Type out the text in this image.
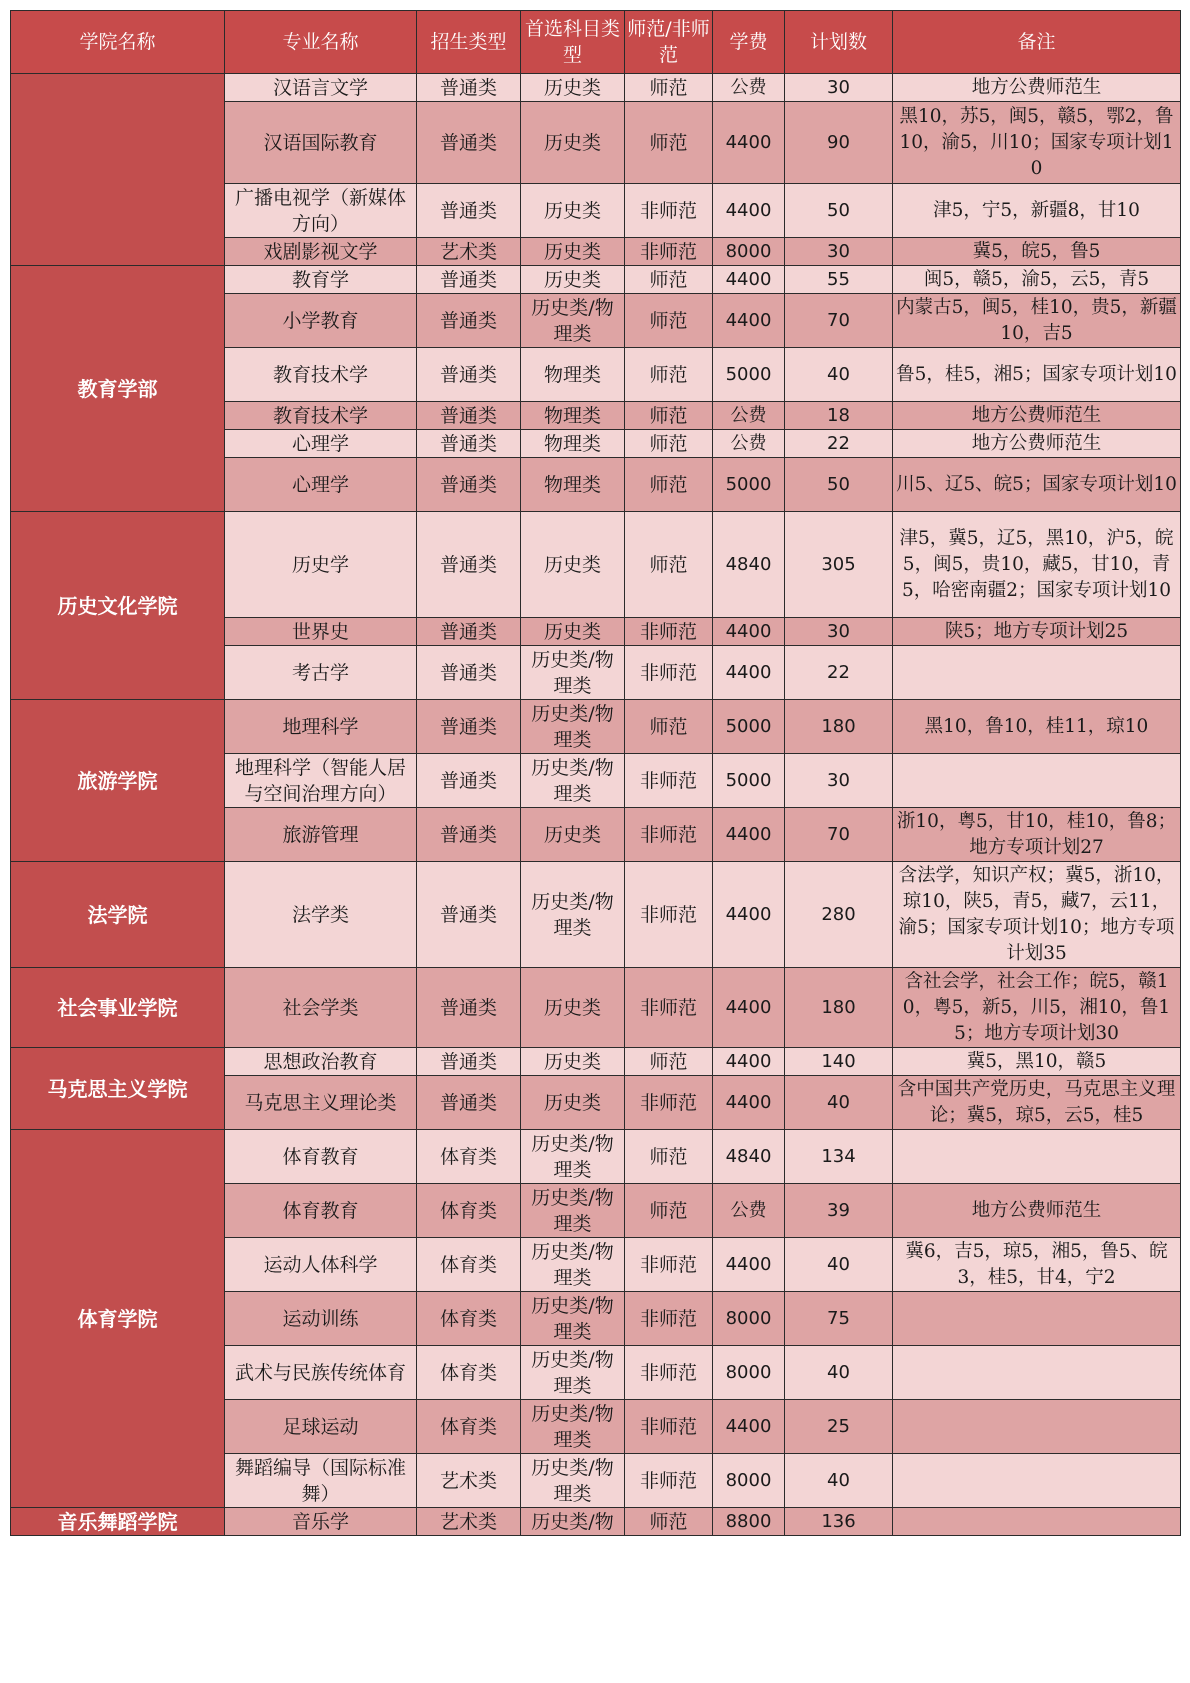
学院名称	专业名称	招生类型	首选科目类型	师范/非师范	学费	计划数	备注
	汉语言文学	普通类	历史类	师范	公费	30	地方公费师范生
	汉语国际教育	普通类	历史类	师范	4400	90	黑10，苏5，闽5，赣5，鄂2，鲁10，渝5，川10；国家专项计划10
	广播电视学（新媒体方向）	普通类	历史类	非师范	4400	50	津5，宁5，新疆8，甘10
	戏剧影视文学	艺术类	历史类	非师范	8000	30	冀5，皖5，鲁5
教育学部	教育学	普通类	历史类	师范	4400	55	闽5，赣5，渝5，云5，青5
	小学教育	普通类	历史类/物理类	师范	4400	70	内蒙古5，闽5，桂10，贵5，新疆10，吉5
	教育技术学	普通类	物理类	师范	5000	40	鲁5，桂5，湘5；国家专项计划10
	教育技术学	普通类	物理类	师范	公费	18	地方公费师范生
	心理学	普通类	物理类	师范	公费	22	地方公费师范生
	心理学	普通类	物理类	师范	5000	50	川5、辽5、皖5；国家专项计划10
历史文化学院	历史学	普通类	历史类	师范	4840	305	津5，冀5，辽5，黑10，沪5，皖5，闽5，贵10，藏5，甘10，青5，哈密南疆2；国家专项计划10
	世界史	普通类	历史类	非师范	4400	30	陕5；地方专项计划25
	考古学	普通类	历史类/物理类	非师范	4400	22	
旅游学院	地理科学	普通类	历史类/物理类	师范	5000	180	黑10，鲁10，桂11，琼10
	地理科学（智能人居与空间治理方向）	普通类	历史类/物理类	非师范	5000	30	
	旅游管理	普通类	历史类	非师范	4400	70	浙10，粤5，甘10，桂10，鲁8；地方专项计划27
法学院	法学类	普通类	历史类/物理类	非师范	4400	280	含法学，知识产权；冀5，浙10，琼10，陕5，青5，藏7，云11，渝5；国家专项计划10；地方专项计划35
社会事业学院	社会学类	普通类	历史类	非师范	4400	180	含社会学，社会工作；皖5，赣10，粤5，新5，川5，湘10，鲁15；地方专项计划30
马克思主义学院	思想政治教育	普通类	历史类	师范	4400	140	冀5，黑10，赣5
	马克思主义理论类	普通类	历史类	非师范	4400	40	含中国共产党历史，马克思主义理论；冀5，琼5，云5，桂5
体育学院	体育教育	体育类	历史类/物理类	师范	4840	134	
	体育教育	体育类	历史类/物理类	师范	公费	39	地方公费师范生
	运动人体科学	体育类	历史类/物理类	非师范	4400	40	冀6，吉5，琼5，湘5，鲁5、皖3，桂5，甘4，宁2
	运动训练	体育类	历史类/物理类	非师范	8000	75	
	武术与民族传统体育	体育类	历史类/物理类	非师范	8000	40	
	足球运动	体育类	历史类/物理类	非师范	4400	25	
	舞蹈编导（国际标准舞）	艺术类	历史类/物理类	非师范	8000	40	
音乐舞蹈学院	音乐学	艺术类	历史类/物	师范	8800	136	
